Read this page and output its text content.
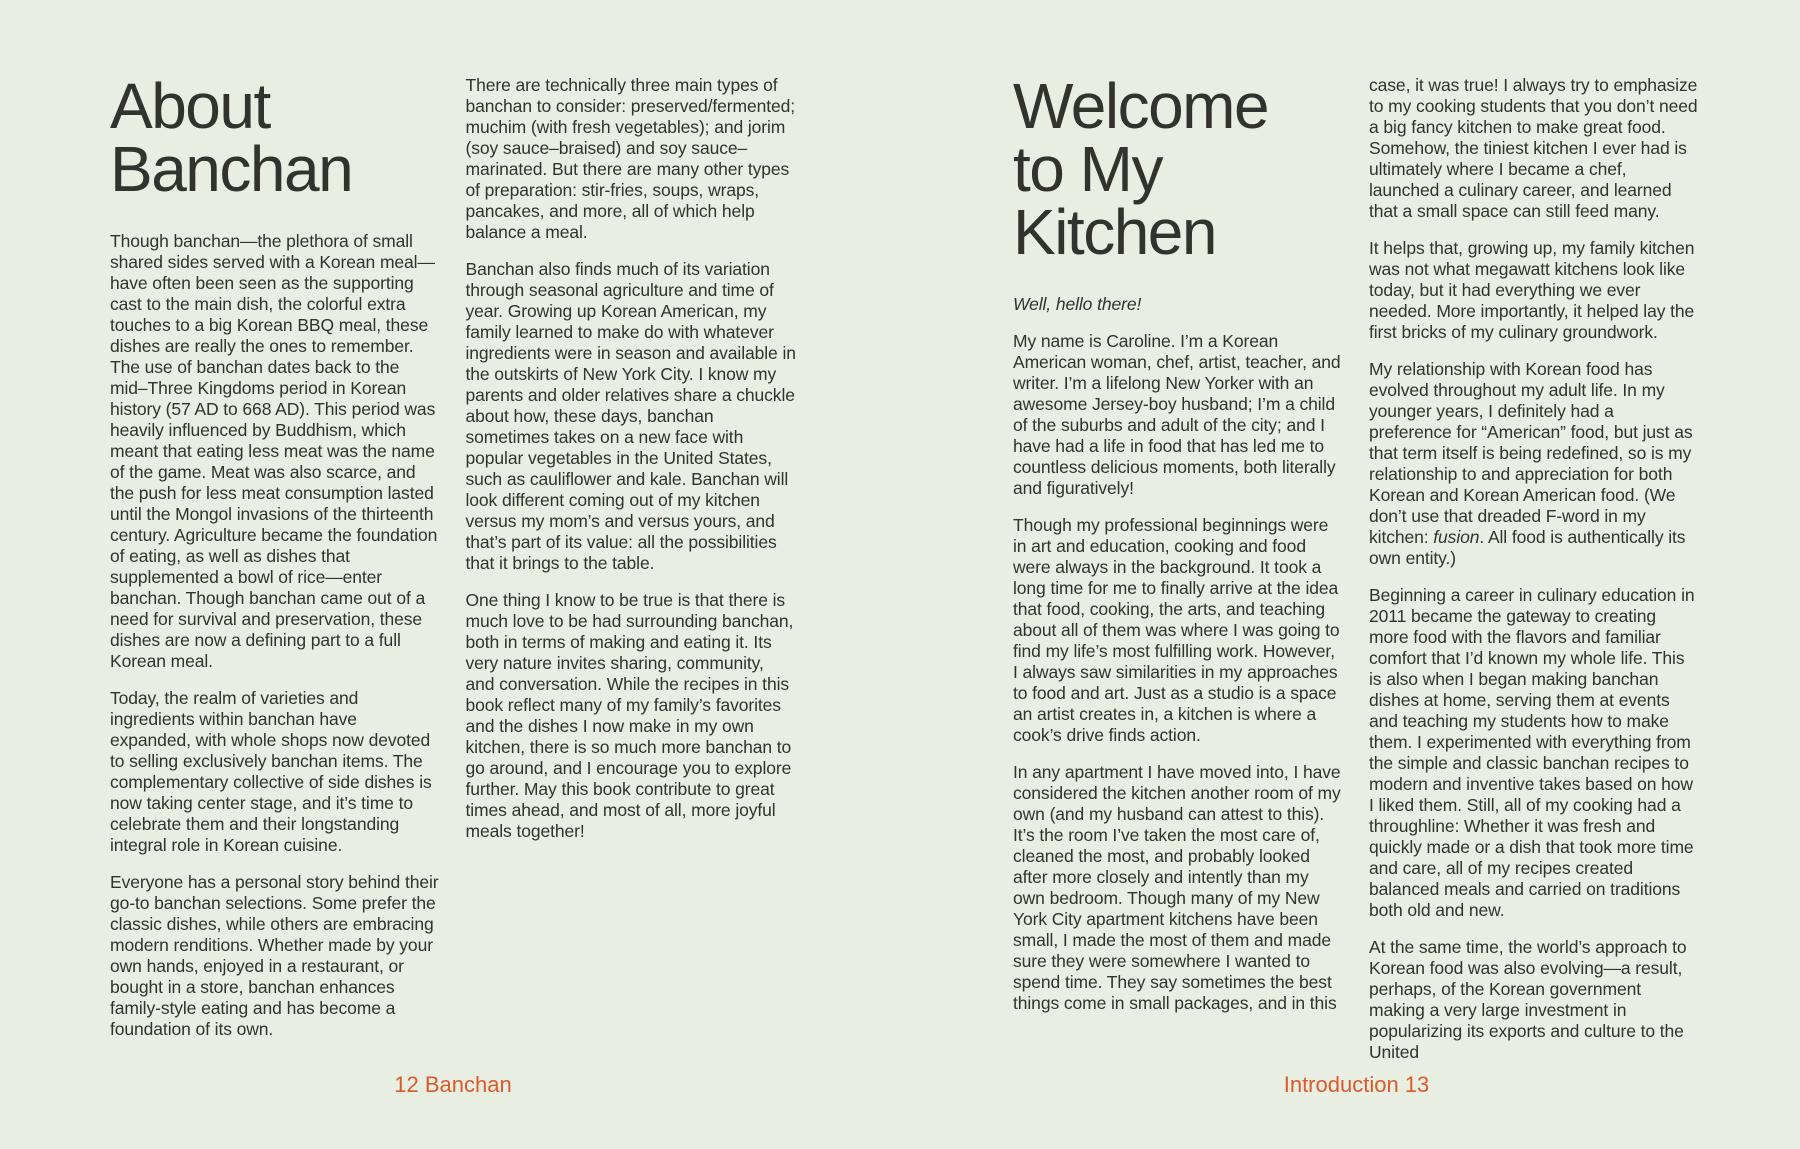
About
Banchan

Though banchan—the plethora of small shared sides served with a Korean meal—have often been seen as the supporting cast to the main dish, the colorful extra touches to a big Korean BBQ meal, these dishes are really the ones to remember. The use of banchan dates back to the mid–Three Kingdoms period in Korean history (57 AD to 668 AD). This period was heavily influenced by Buddhism, which meant that eating less meat was the name of the game. Meat was also scarce, and the push for less meat consumption lasted until the Mongol invasions of the thirteenth century. Agriculture became the foundation of eating, as well as dishes that supplemented a bowl of rice—enter banchan. Though banchan came out of a need for survival and preservation, these dishes are now a defining part to a full Korean meal.

Today, the realm of varieties and ingredients within banchan have expanded, with whole shops now devoted to selling exclusively banchan items. The complementary collective of side dishes is now taking center stage, and it’s time to celebrate them and their longstanding integral role in Korean cuisine.

Everyone has a personal story behind their go-to banchan selections. Some prefer the classic dishes, while others are embracing modern renditions. Whether made by your own hands, enjoyed in a restaurant, or bought in a store, banchan enhances family-style eating and has become a foundation of its own.

There are technically three main types of banchan to consider: preserved/fermented; muchim (with fresh vegetables); and jorim (soy sauce–braised) and soy sauce–marinated. But there are many other types of preparation: stir-fries, soups, wraps, pancakes, and more, all of which help balance a meal.

Banchan also finds much of its variation through seasonal agriculture and time of year. Growing up Korean American, my family learned to make do with whatever ingredients were in season and available in the outskirts of New York City. I know my parents and older relatives share a chuckle about how, these days, banchan sometimes takes on a new face with popular vegetables in the United States, such as cauliflower and kale. Banchan will look different coming out of my kitchen versus my mom’s and versus yours, and that’s part of its value: all the possibilities that it brings to the table.

One thing I know to be true is that there is much love to be had surrounding banchan, both in terms of making and eating it. Its very nature invites sharing, community, and conversation. While the recipes in this book reflect many of my family’s favorites and the dishes I now make in my own kitchen, there is so much more banchan to go around, and I encourage you to explore further. May this book contribute to great times ahead, and most of all, more joyful meals together!

12 Banchan
Welcome
to My
Kitchen

Well, hello there!

My name is Caroline. I’m a Korean American woman, chef, artist, teacher, and writer. I’m a lifelong New Yorker with an awesome Jersey-boy husband; I’m a child of the suburbs and adult of the city; and I have had a life in food that has led me to countless delicious moments, both literally and figuratively!

Though my professional beginnings were in art and education, cooking and food were always in the background. It took a long time for me to finally arrive at the idea that food, cooking, the arts, and teaching about all of them was where I was going to find my life’s most fulfilling work. However, I always saw similarities in my approaches to food and art. Just as a studio is a space an artist creates in, a kitchen is where a cook’s drive finds action.

In any apartment I have moved into, I have considered the kitchen another room of my own (and my husband can attest to this). It’s the room I’ve taken the most care of, cleaned the most, and probably looked after more closely and intently than my own bedroom. Though many of my New York City apartment kitchens have been small, I made the most of them and made sure they were somewhere I wanted to spend time. They say sometimes the best things come in small packages, and in this

case, it was true! I always try to emphasize to my cooking students that you don’t need a big fancy kitchen to make great food. Somehow, the tiniest kitchen I ever had is ultimately where I became a chef, launched a culinary career, and learned that a small space can still feed many.

It helps that, growing up, my family kitchen was not what megawatt kitchens look like today, but it had everything we ever needed. More importantly, it helped lay the first bricks of my culinary groundwork.

My relationship with Korean food has evolved throughout my adult life. In my younger years, I definitely had a preference for “American” food, but just as that term itself is being redefined, so is my relationship to and appreciation for both Korean and Korean American food. (We don’t use that dreaded F-word in my kitchen: fusion. All food is authentically its own entity.)

Beginning a career in culinary education in 2011 became the gateway to creating more food with the flavors and familiar comfort that I’d known my whole life. This is also when I began making banchan dishes at home, serving them at events and teaching my students how to make them. I experimented with everything from the simple and classic banchan recipes to modern and inventive takes based on how I liked them. Still, all of my cooking had a throughline: Whether it was fresh and quickly made or a dish that took more time and care, all of my recipes created balanced meals and carried on traditions both old and new.

At the same time, the world’s approach to Korean food was also evolving—a result, perhaps, of the Korean government making a very large investment in popularizing its exports and culture to the United

Introduction 13
